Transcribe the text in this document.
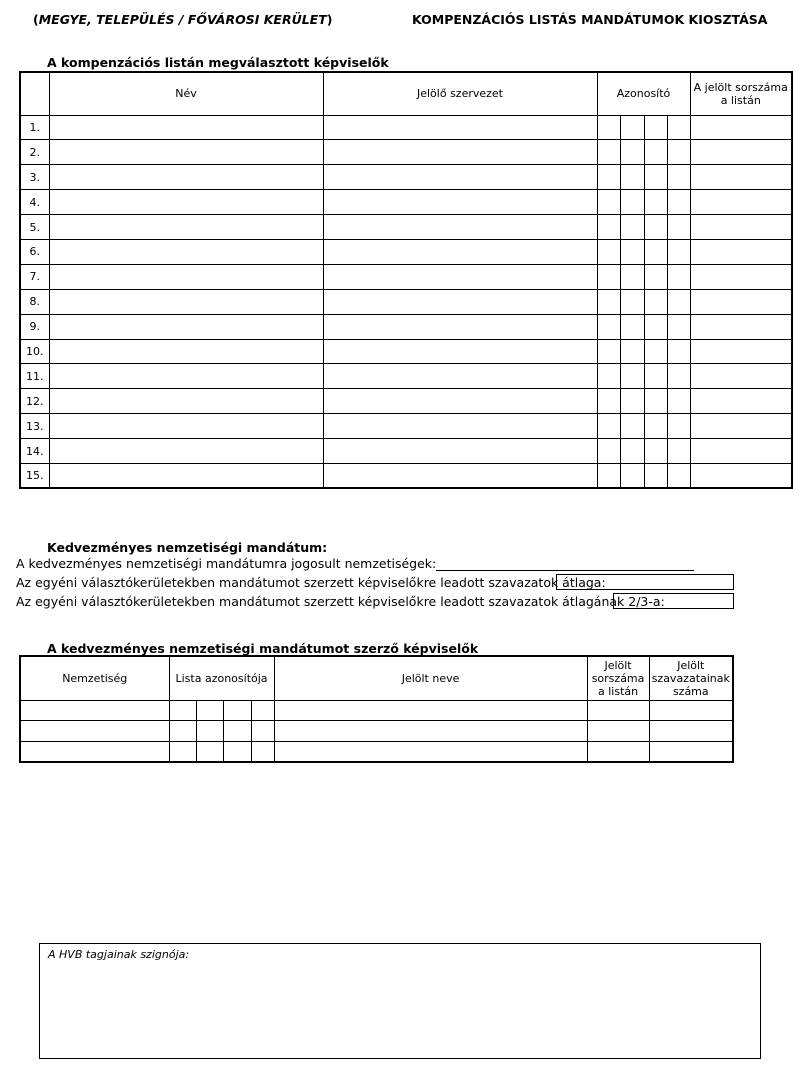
(MEGYE, TELEPÜLÉS / FŐVÁROSI KERÜLET)	KOMPENZÁCIÓS LISTÁS MANDÁTUMOK KIOSZTÁSA
A kompenzációs listán megválasztott képviselők
	Név	Jelölő szervezet	Azonosító				A jelölt sorszáma a listán
1.							
2.							
3.							
4.							
5.							
6.							
7.							
8.							
9.							
10.							
11.							
12.							
13.							
14.							
15.							
Kedvezményes nemzetiségi mandátum:
A kedvezményes nemzetiségi mandátumra jogosult nemzetiségek:
Az egyéni választókerületekben mandátumot szerzett képviselőkre leadott szavazatok átlaga:
Az egyéni választókerületekben mandátumot szerzett képviselőkre leadott szavazatok átlagának 2/3-a:
A kedvezményes nemzetiségi mandátumot szerző képviselők
Nemzetiség	Lista azonosítója				Jelölt neve	Jelölt sorszáma a listán	Jelölt szavazatainak száma

A HVB tagjainak szignója:
